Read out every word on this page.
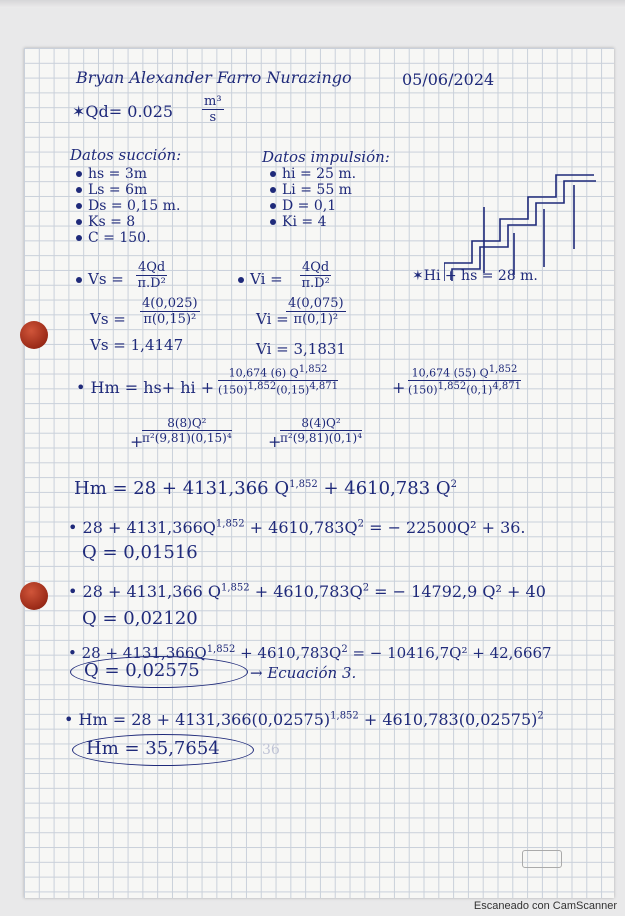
Bryan Alexander Farro Nurazingo	05/06/2024
✶Qd= $0.025 \frac{\text{m³}}{s}$
Datos succión:
hs = 3m
Ls = 6m
Ds = 0,15 m.
Ks = 8
C = 150.
Datos impulsión:
hi = 25 m.
Li = 55 m
D = 0,1
Ki = 4
$Vs = \frac{4Qd}{\text{π.D²}}$	$Vi = \frac{4Qd}{\text{π.D²}}$	✶Hi + hs = 28 m.
$Vs = \frac{4(0,025)}{\text{π(0,15)²}}$	Vi =
$\frac{4(0,075)}{\text{π(0,1)²}}$
Vs = 1,4147	Vi = 3,1831
• Hm = hs+ hi + $\frac{10,674 (6) Q1,852}{(150)1,852(0,15)4,871}$	+ $\frac{10,674 (55) Q1,852}{(150)1,852(0,1)4,871}$
+
$\frac{\text{8(8)Q²}}{\text{π²(9,81)(0,15)⁴}}$ +
$\frac{\text{8(4)Q²}}{\text{π²(9,81)(0,1)⁴}}$
Hm = 28 + 4131,366 Q$^{1,852}$ + 4610,783 $Q^2$
• $28 + 4131,366Q^{1,852} + 4610,783Q^2$ = − 22500Q² + 36.
Q = 0,01516
• 28 + 4131,366 $Q^{1,852} + 4610,783Q^2$ = − 14792,9 Q² + 40
Q = 0,02120
• $28 + 4131,366Q^{1,852} + 4610,783Q^2$ = − 10416,7Q² + 42,6667
Q = 0,02575	→ Ecuación 3.
• $Hm = 28 + 4131,366(0,02575)^{1,852} + 4610,783(0,02575)^2$
Hm = 35,7654	36
Escaneado con CamScanner
